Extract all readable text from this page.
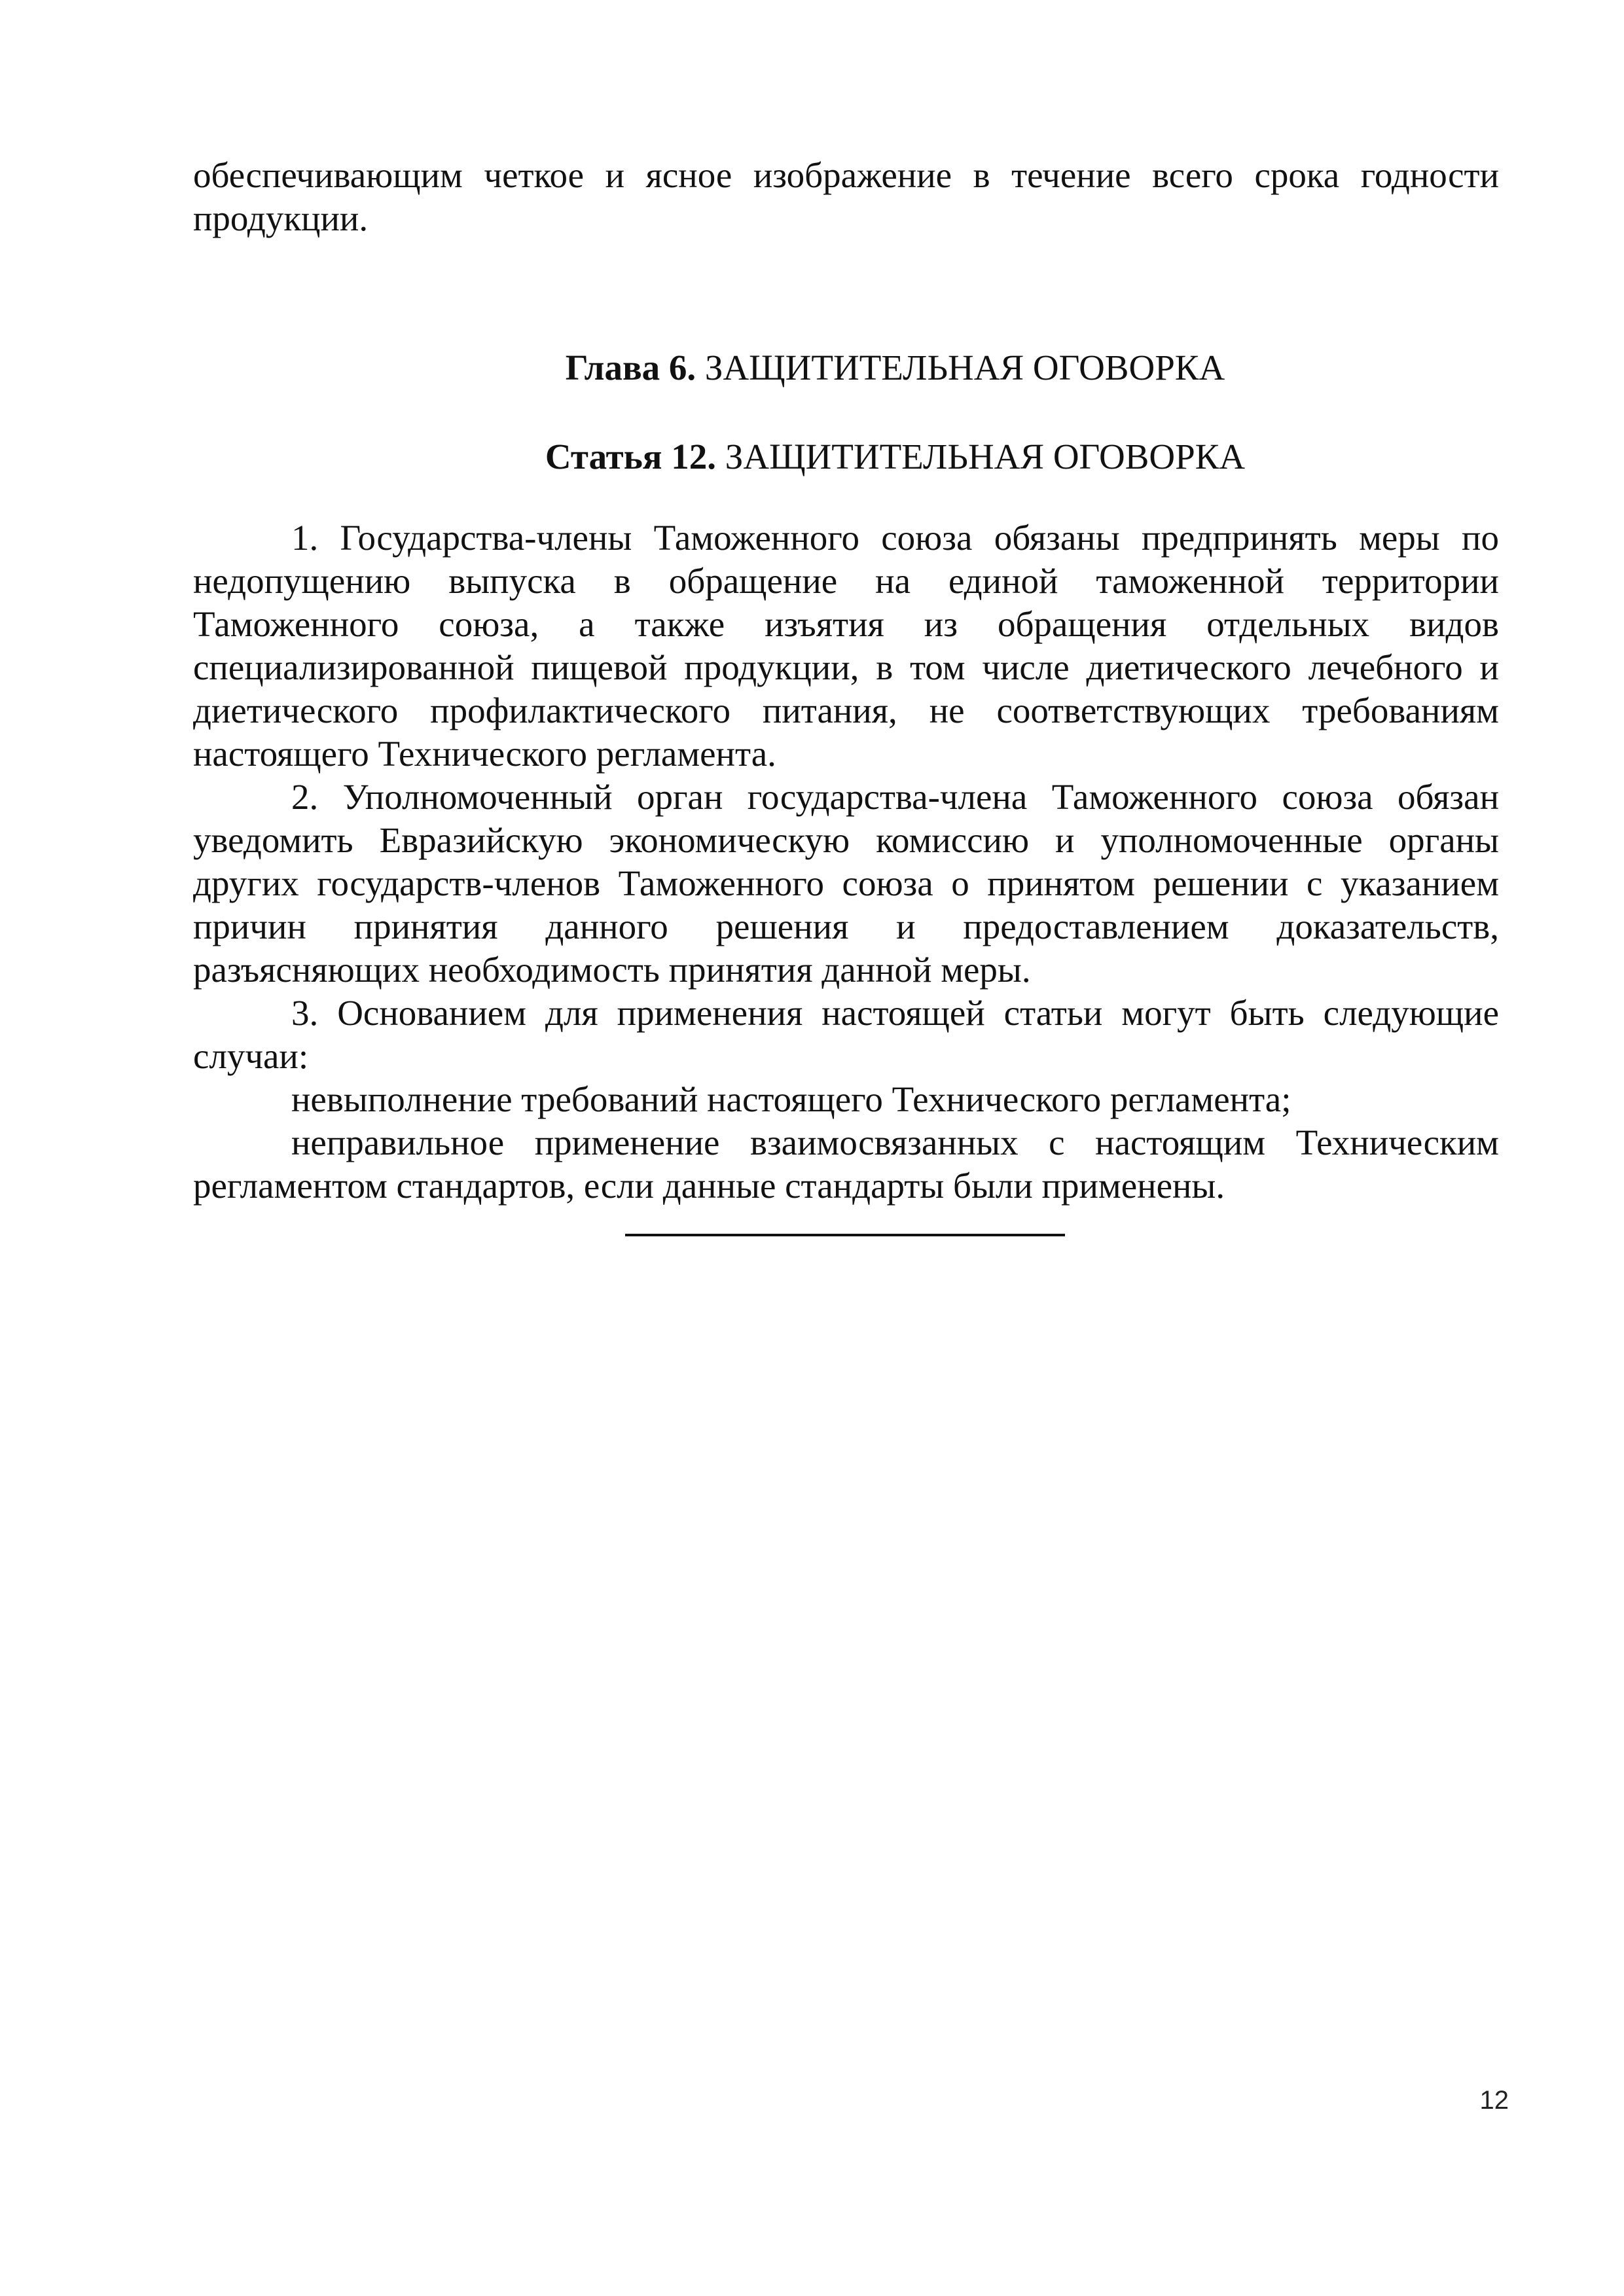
обеспечивающим четкое и ясное изображение в течение всего срока годности продукции.

Глава 6. ЗАЩИТИТЕЛЬНАЯ ОГОВОРКА

Статья 12. ЗАЩИТИТЕЛЬНАЯ ОГОВОРКА

1. Государства-члены Таможенного союза обязаны предпринять меры по недопущению выпуска в обращение на единой таможенной территории Таможенного союза, а также изъятия из обращения отдельных видов специализированной пищевой продукции, в том числе диетического лечебного и диетического профилактического питания, не соответствующих требованиям настоящего Технического регламента.

2. Уполномоченный орган государства-члена Таможенного союза обязан уведомить Евразийскую экономическую комиссию и уполномоченные органы других государств-членов Таможенного союза о принятом решении с указанием причин принятия данного решения и предоставлением доказательств, разъясняющих необходимость принятия данной меры.

3. Основанием для применения настоящей статьи могут быть следующие случаи:

невыполнение требований настоящего Технического регламента;

неправильное применение взаимосвязанных с настоящим Техническим регламентом стандартов, если данные стандарты были применены.

12
